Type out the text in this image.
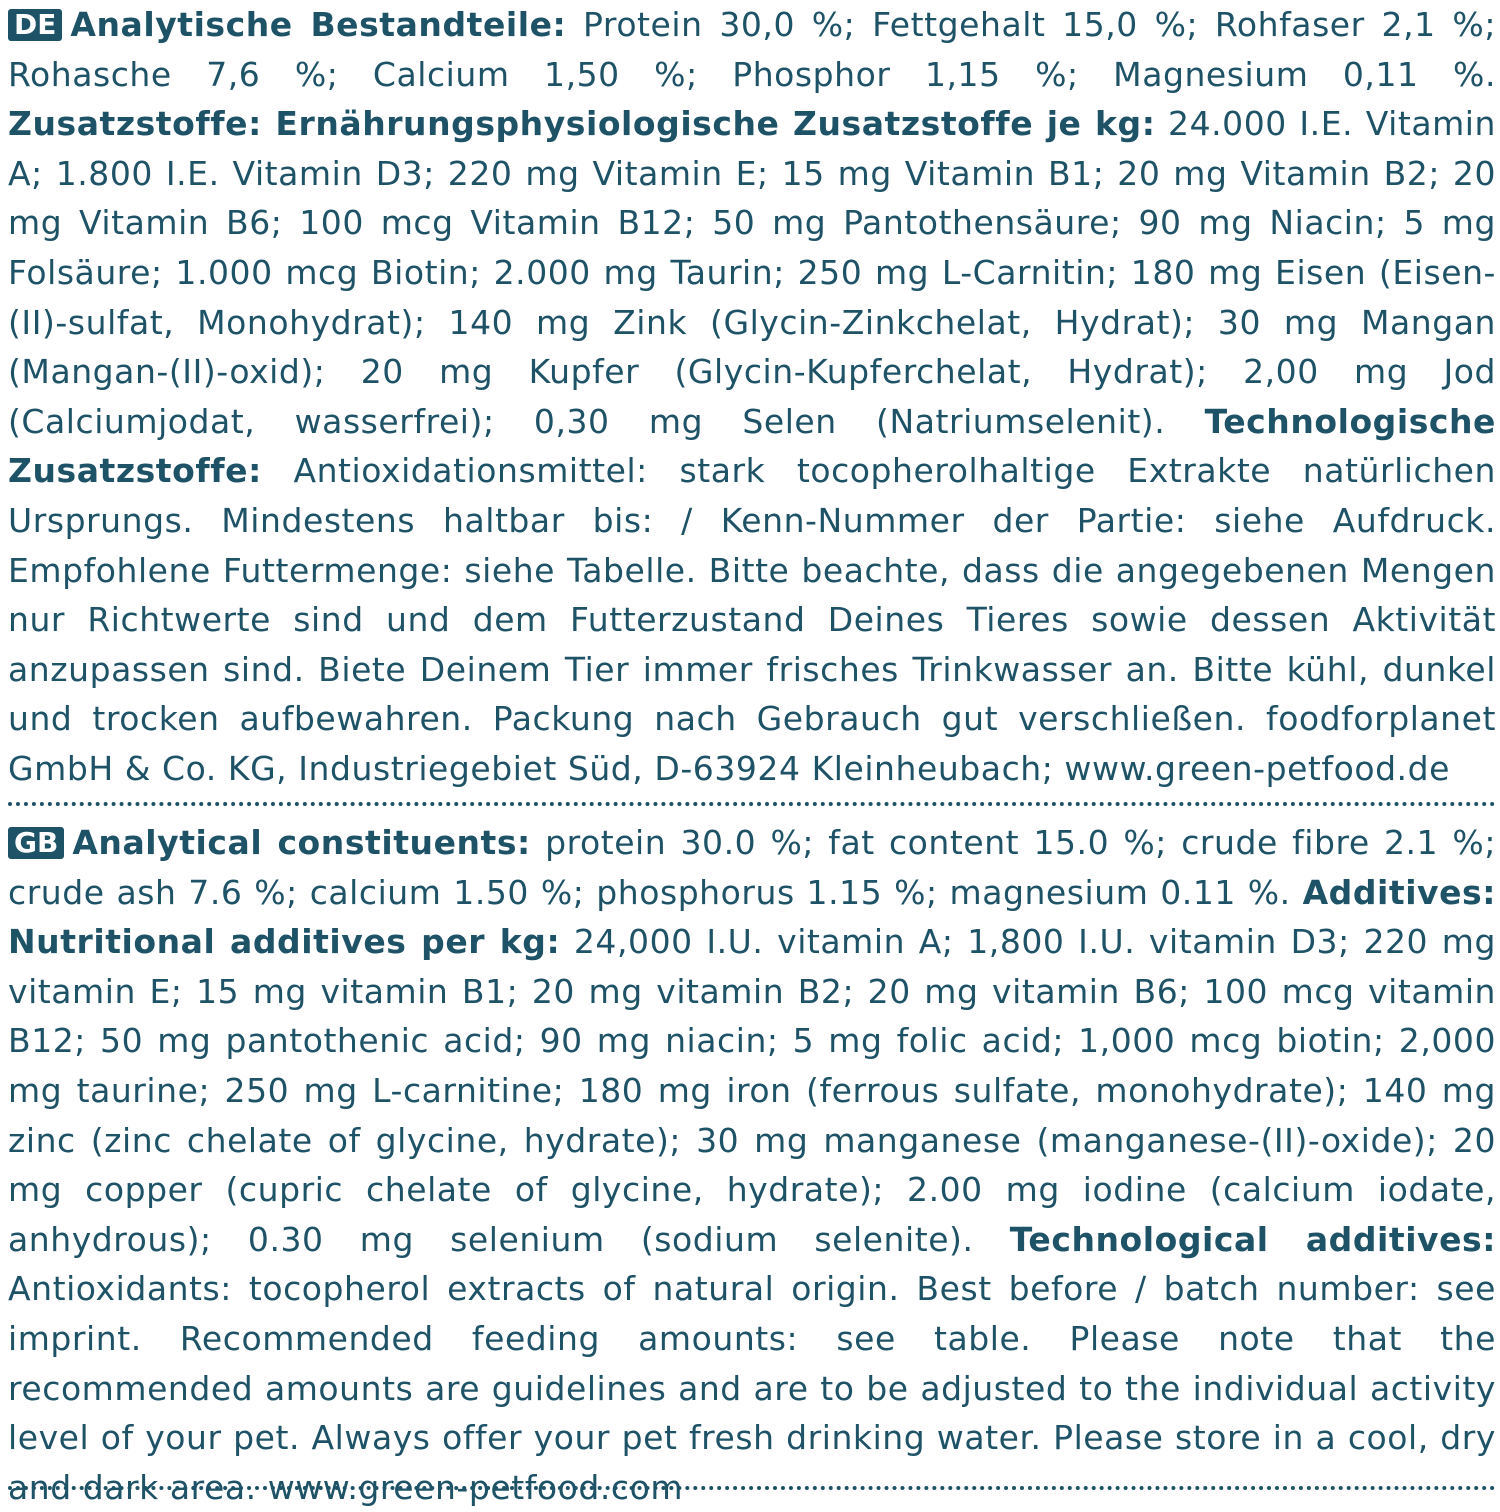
DE Analytische Bestandteile: Protein 30,0 %; Fettgehalt 15,0 %; Rohfaser 2,1 %; Rohasche 7,6 %; Calcium 1,50 %; Phosphor 1,15 %; Magnesium 0,11 %. Zusatzstoffe: Ernährungsphysiologische Zusatzstoffe je kg: 24.000 I.E. Vitamin A; 1.800 I.E. Vitamin D3; 220 mg Vitamin E; 15 mg Vitamin B1; 20 mg Vitamin B2; 20 mg Vitamin B6; 100 mcg Vitamin B12; 50 mg Pantothensäure; 90 mg Niacin; 5 mg Folsäure; 1.000 mcg Biotin; 2.000 mg Taurin; 250 mg L-Carnitin; 180 mg Eisen (Eisen-(II)-sulfat, Monohydrat); 140 mg Zink (Glycin-Zinkchelat, Hydrat); 30 mg Mangan (Mangan-(II)-oxid); 20 mg Kupfer (Glycin-Kupferchelat, Hydrat); 2,00 mg Jod (Calciumjodat, wasserfrei); 0,30 mg Selen (Natriumselenit). Technologische Zusatzstoffe: Antioxidationsmittel: stark tocopherolhaltige Extrakte natürlichen Ursprungs. Mindestens haltbar bis: / Kenn-Nummer der Partie: siehe Aufdruck. Empfohlene Futtermenge: siehe Tabelle. Bitte beachte, dass die angegebenen Mengen nur Richtwerte sind und dem Futterzustand Deines Tieres sowie dessen Aktivität anzupassen sind. Biete Deinem Tier immer frisches Trinkwasser an. Bitte kühl, dunkel und trocken aufbewahren. Packung nach Gebrauch gut verschließen. foodforplanet GmbH & Co. KG, Industriegebiet Süd, D-63924 Kleinheubach; www.green-petfood.de

GB Analytical constituents: protein 30.0 %; fat content 15.0 %; crude fibre 2.1 %; crude ash 7.6 %; calcium 1.50 %; phosphorus 1.15 %; magnesium 0.11 %. Additives: Nutritional additives per kg: 24,000 I.U. vitamin A; 1,800 I.U. vitamin D3; 220 mg vitamin E; 15 mg vitamin B1; 20 mg vitamin B2; 20 mg vitamin B6; 100 mcg vitamin B12; 50 mg pantothenic acid; 90 mg niacin; 5 mg folic acid; 1,000 mcg biotin; 2,000 mg taurine; 250 mg L-carnitine; 180 mg iron (ferrous sulfate, monohydrate); 140 mg zinc (zinc chelate of glycine, hydrate); 30 mg manganese (manganese-(II)-oxide); 20 mg copper (cupric chelate of glycine, hydrate); 2.00 mg iodine (calcium iodate, anhydrous); 0.30 mg selenium (sodium selenite). Technological additives: Antioxidants: tocopherol extracts of natural origin. Best before / batch number: see imprint. Recommended feeding amounts: see table. Please note that the recommended amounts are guidelines and are to be adjusted to the individual activity level of your pet. Always offer your pet fresh drinking water. Please store in a cool, dry and dark area. www.green-petfood.com
